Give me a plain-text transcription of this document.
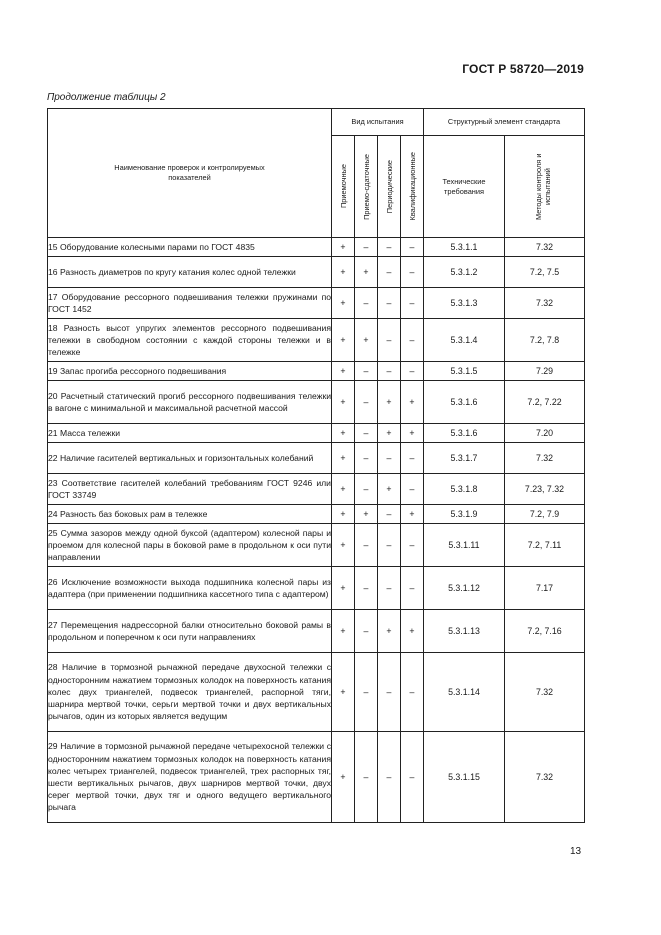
ГОСТ Р 58720—2019
Продолжение таблицы 2
Наименование проверок и контролируемых показателей	Вид испытания				Структурный элемент стандарта	

	Приемочные	Приемо-сдаточные	Периодические	Квалификационные	Технические требования	Методы контроля и испытаний

15 Оборудование колесными парами по ГОСТ 4835	+	–	–	–	5.3.1.1	7.32
16 Разность диаметров по кругу катания колес одной тележки	+	+	–	–	5.3.1.2	7.2, 7.5
17 Оборудование рессорного подвешивания тележки пружинами по ГОСТ 1452	+	–	–	–	5.3.1.3	7.32
18 Разность высот упругих элементов рессорного подвешивания тележки в свободном состоянии с каждой стороны тележки и в тележке	+	+	–	–	5.3.1.4	7.2, 7.8
19 Запас прогиба рессорного подвешивания	+	–	–	–	5.3.1.5	7.29
20 Расчетный статический прогиб рессорного подвешивания тележки в вагоне с минимальной и максимальной расчетной массой	+	–	+	+	5.3.1.6	7.2, 7.22
21 Масса тележки	+	–	+	+	5.3.1.6	7.20
22 Наличие гасителей вертикальных и горизонтальных колебаний	+	–	–	–	5.3.1.7	7.32
23 Соответствие гасителей колебаний требованиям ГОСТ 9246 или ГОСТ 33749	+	–	+	–	5.3.1.8	7.23, 7.32
24 Разность баз боковых рам в тележке	+	+	–	+	5.3.1.9	7.2, 7.9
25 Сумма зазоров между одной буксой (адаптером) колесной пары и проемом для колесной пары в боковой раме в продольном к оси пути направлении	+	–	–	–	5.3.1.11	7.2, 7.11
26 Исключение возможности выхода подшипника колесной пары из адаптера (при применении подшипника кассетного типа с адаптером)	+	–	–	–	5.3.1.12	7.17
27 Перемещения надрессорной балки относительно боковой рамы в продольном и поперечном к оси пути направлениях	+	–	+	+	5.3.1.13	7.2, 7.16
28 Наличие в тормозной рычажной передаче двухосной тележки с односторонним нажатием тормозных колодок на поверхность катания колес двух триангелей, подвесок триангелей, распорной тяги, шарнира мертвой точки, серьги мертвой точки и двух вертикальных рычагов, один из которых является ведущим	+	–	–	–	5.3.1.14	7.32
29 Наличие в тормозной рычажной передаче четырехосной тележки с односторонним нажатием тормозных колодок на поверхность катания колес четырех триангелей, подвесок триангелей, трех распорных тяг, шести вертикальных рычагов, двух шарниров мертвой точки, двух серег мертвой точки, двух тяг и одного ведущего вертикального рычага	+	–	–	–	5.3.1.15	7.32
13
